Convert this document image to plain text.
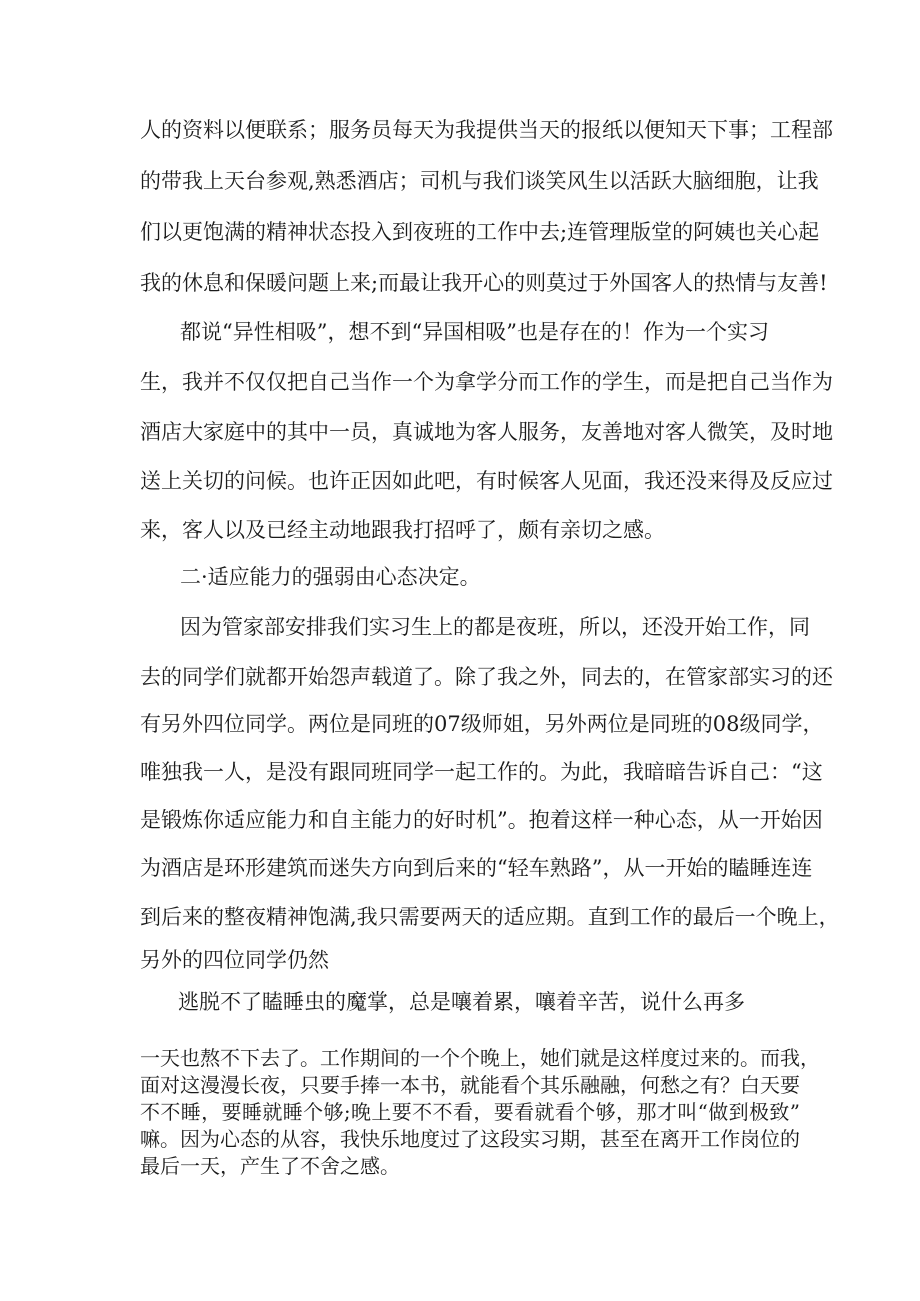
人的资料以便联系；服务员每天为我提供当天的报纸以便知天下事；工程部
的带我上天台参观,熟悉酒店；司机与我们谈笑风生以活跃大脑细胞，让我
们以更饱满的精神状态投入到夜班的工作中去;连管理版堂的阿姨也关心起
我的休息和保暖问题上来;而最让我开心的则莫过于外国客人的热情与友善!
都说“异性相吸”，想不到“异国相吸”也是存在的！作为一个实习
生，我并不仅仅把自己当作一个为拿学分而工作的学生，而是把自己当作为
酒店大家庭中的其中一员，真诚地为客人服务，友善地对客人微笑，及时地
送上关切的问候。也许正因如此吧，有时候客人见面，我还没来得及反应过
来，客人以及已经主动地跟我打招呼了，颇有亲切之感。
二·适应能力的强弱由心态决定。
因为管家部安排我们实习生上的都是夜班，所以，还没开始工作，同
去的同学们就都开始怨声载道了。除了我之外，同去的，在管家部实习的还
有另外四位同学。两位是同班的07级师姐，另外两位是同班的08级同学，
唯独我一人，是没有跟同班同学一起工作的。为此，我暗暗告诉自己：“这
是锻炼你适应能力和自主能力的好时机”。抱着这样一种心态，从一开始因
为酒店是环形建筑而迷失方向到后来的“轻车熟路”，从一开始的瞌睡连连
到后来的整夜精神饱满,我只需要两天的适应期。直到工作的最后一个晚上，
另外的四位同学仍然
逃脱不了瞌睡虫的魔掌，总是嚷着累，嚷着辛苦，说什么再多
一天也熬不下去了。工作期间的一个个晚上，她们就是这样度过来的。而我，
面对这漫漫长夜，只要手捧一本书，就能看个其乐融融，何愁之有？白天要
不不睡，要睡就睡个够;晚上要不不看，要看就看个够，那才叫“做到极致”
嘛。因为心态的从容，我快乐地度过了这段实习期，甚至在离开工作岗位的
最后一天，产生了不舍之感。
